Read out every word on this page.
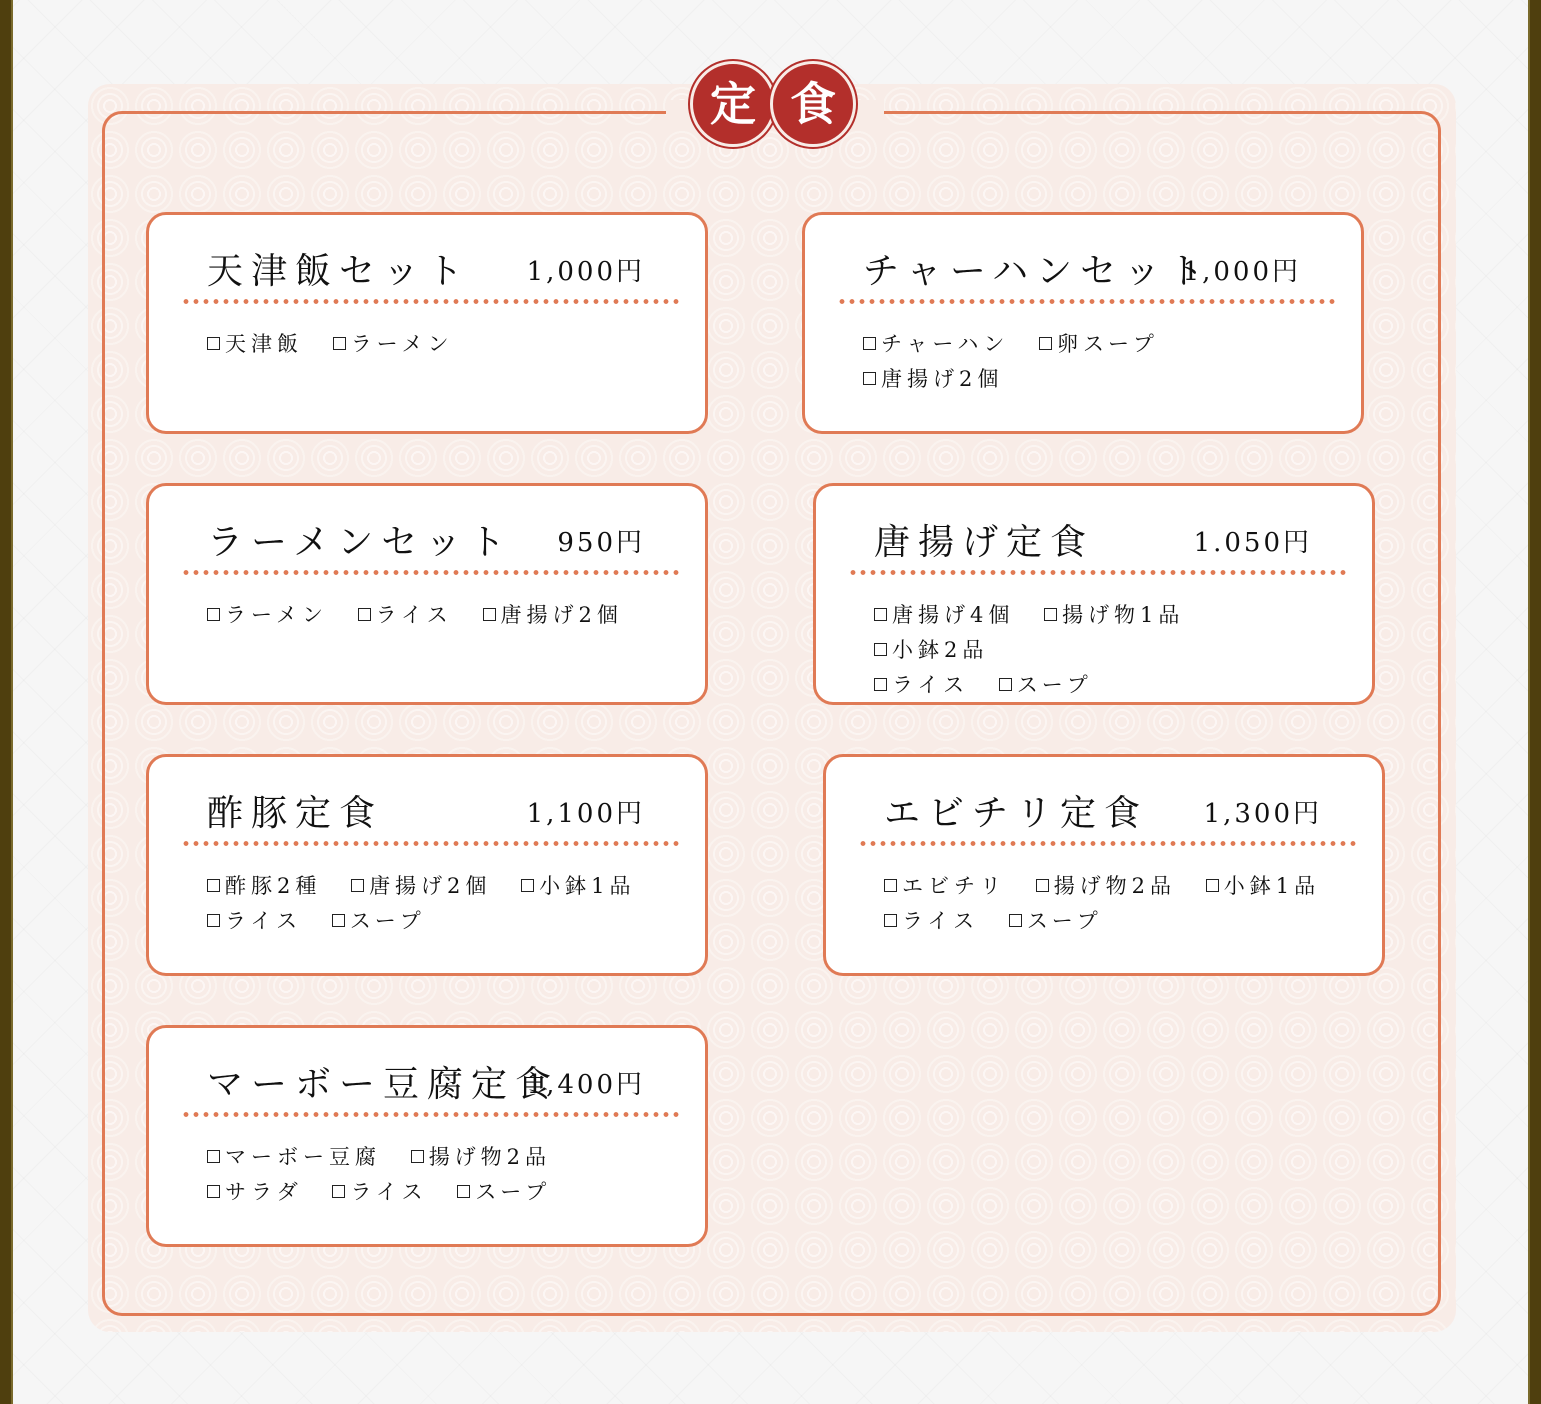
定 食
天津飯セット 1,000円
天津飯 ラーメン
チャーハンセット
1,000円
チャーハン 卵スープ 唐揚げ2個
ラーメンセット 950円
ラーメン ライス 唐揚げ2個
唐揚げ定食	1.050円
唐揚げ4個 揚げ物1品 小鉢2品
ライス スープ
酢豚定食	1,100円
酢豚2種 唐揚げ2個 小鉢1品
ライス スープ
エビチリ定食 1,300円
エビチリ 揚げ物2品 小鉢1品
ライス スープ
マーボー豆腐定食
1,400円
マーボー豆腐 揚げ物2品
サラダ ライス スープ
